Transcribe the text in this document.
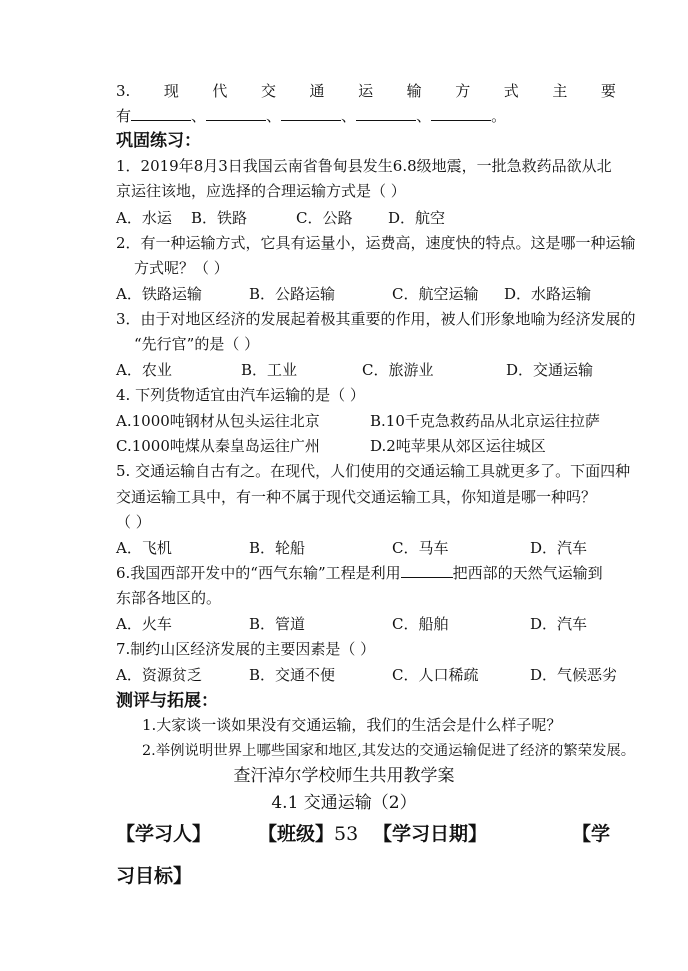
3. 现 代 交 通 运 输 方 式 主 要
有	、	、	、	、	。
巩固练习：
1．2019年8月3日我国云南省鲁甸县发生6.8级地震，一批急救药品欲从北
京运往该地，应选择的合理运输方式是（ ）
A．水运 B．铁路	C．公路 D．航空
2．有一种运输方式，它具有运量小，运费高，速度快的特点。这是哪一种运输
方式呢？（ ）
A．铁路运输	B．公路运输	C．航空运输 D．水路运输
3．由于对地区经济的发展起着极其重要的作用，被人们形象地喻为经济发展的
“先行官”的是（ ）
A．农业	B．工业	C．旅游业	D．交通运输
4. 下列货物适宜由汽车运输的是（ ）
A.1000吨钢材从包头运往北京	B.10千克急救药品从北京运往拉萨
C.1000吨煤从秦皇岛运往广州	D.2吨苹果从郊区运往城区
5. 交通运输自古有之。在现代，人们使用的交通运输工具就更多了。下面四种
交通运输工具中，有一种不属于现代交通运输工具，你知道是哪一种吗？
（ ）
A．飞机	B．轮船	C．马车	D．汽车
6.我国西部开发中的“西气东输”工程是利用	把西部的天然气运输到
东部各地区的。
A．火车	B．管道	C．船舶	D．汽车
7.制约山区经济发展的主要因素是（ ）
A．资源贫乏	B．交通不便	C．人口稀疏	D．气候恶劣
测评与拓展：
1.大家谈一谈如果没有交通运输，我们的生活会是什么样子呢？
2.举例说明世界上哪些国家和地区,其发达的交通运输促进了经济的繁荣发展。
查汗淖尔学校师生共用教学案
4.1 交通运输（2）
【学习人】 【班级】53 【学习日期】	【学
习目标】
